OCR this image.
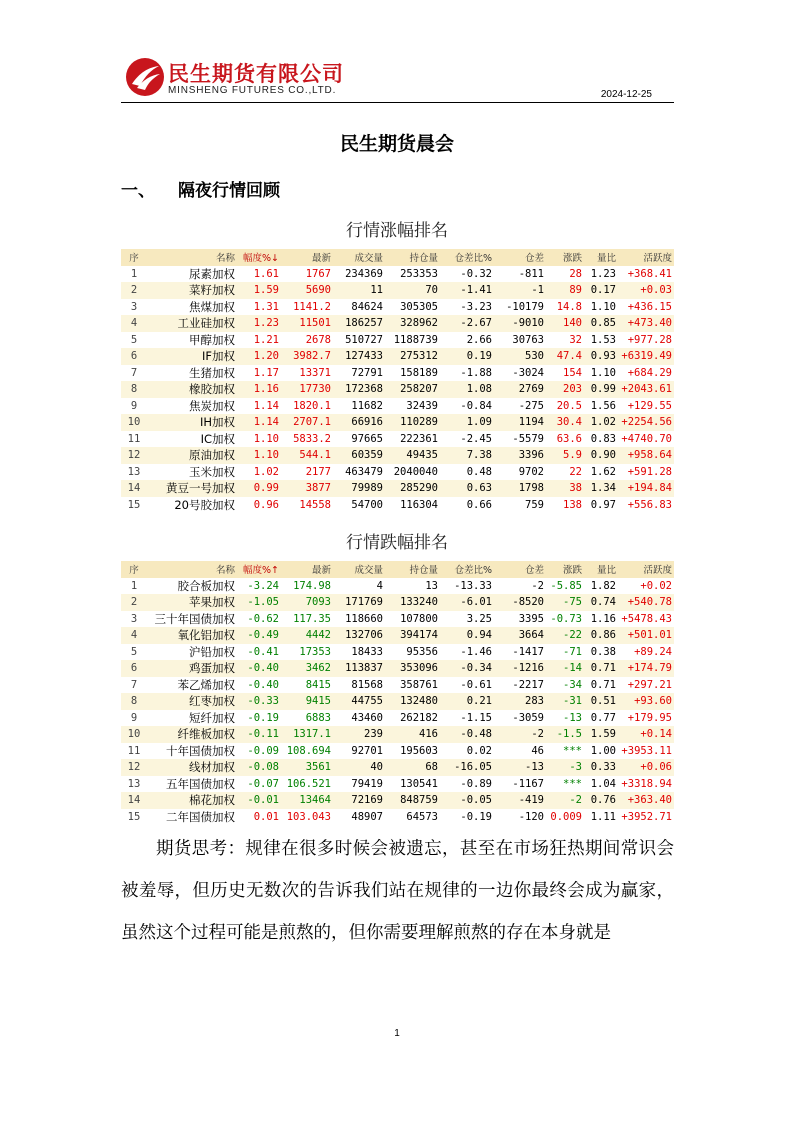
民生期货有限公司
MINSHENG FUTURES CO.,LTD.	2024-12-25
民生期货晨会
一、 隔夜行情回顾
行情涨幅排名
序	名称	幅度%↓	最新	成交量	持仓量	仓差比%	仓差	涨跌	量比	活跃度
1	尿素加权	1.61	1767	234369	253353	-0.32	-811	28	1.23	+368.41
2	菜籽加权	1.59	5690	11	70	-1.41	-1	89	0.17	+0.03
3	焦煤加权	1.31	1141.2	84624	305305	-3.23	-10179	14.8	1.10	+436.15
4	工业硅加权	1.23	11501	186257	328962	-2.67	-9010	140	0.85	+473.40
5	甲醇加权	1.21	2678	510727	1188739	2.66	30763	32	1.53	+977.28
6	IF加权	1.20	3982.7	127433	275312	0.19	530	47.4	0.93	+6319.49
7	生猪加权	1.17	13371	72791	158189	-1.88	-3024	154	1.10	+684.29
8	橡胶加权	1.16	17730	172368	258207	1.08	2769	203	0.99	+2043.61
9	焦炭加权	1.14	1820.1	11682	32439	-0.84	-275	20.5	1.56	+129.55
10	IH加权	1.14	2707.1	66916	110289	1.09	1194	30.4	1.02	+2254.56
11	IC加权	1.10	5833.2	97665	222361	-2.45	-5579	63.6	0.83	+4740.70
12	原油加权	1.10	544.1	60359	49435	7.38	3396	5.9	0.90	+958.64
13	玉米加权	1.02	2177	463479	2040040	0.48	9702	22	1.62	+591.28
14	黄豆一号加权	0.99	3877	79989	285290	0.63	1798	38	1.34	+194.84
15	20号胶加权	0.96	14558	54700	116304	0.66	759	138	0.97	+556.83
行情跌幅排名
序	名称	幅度%↑	最新	成交量	持仓量	仓差比%	仓差	涨跌	量比	活跃度
1	胶合板加权	-3.24	174.98	4	13	-13.33	-2	-5.85	1.82	+0.02
2	苹果加权	-1.05	7093	171769	133240	-6.01	-8520	-75	0.74	+540.78
3	三十年国债加权	-0.62	117.35	118660	107800	3.25	3395	-0.73	1.16	+5478.43
4	氧化铝加权	-0.49	4442	132706	394174	0.94	3664	-22	0.86	+501.01
5	沪铅加权	-0.41	17353	18433	95356	-1.46	-1417	-71	0.38	+89.24
6	鸡蛋加权	-0.40	3462	113837	353096	-0.34	-1216	-14	0.71	+174.79
7	苯乙烯加权	-0.40	8415	81568	358761	-0.61	-2217	-34	0.71	+297.21
8	红枣加权	-0.33	9415	44755	132480	0.21	283	-31	0.51	+93.60
9	短纤加权	-0.19	6883	43460	262182	-1.15	-3059	-13	0.77	+179.95
10	纤维板加权	-0.11	1317.1	239	416	-0.48	-2	-1.5	1.59	+0.14
11	十年国债加权	-0.09	108.694	92701	195603	0.02	46	***	1.00	+3953.11
12	线材加权	-0.08	3561	40	68	-16.05	-13	-3	0.33	+0.06
13	五年国债加权	-0.07	106.521	79419	130541	-0.89	-1167	***	1.04	+3318.94
14	棉花加权	-0.01	13464	72169	848759	-0.05	-419	-2	0.76	+363.40
15	二年国债加权	0.01	103.043	48907	64573	-0.19	-120	0.009	1.11	+3952.71

期货思考：规律在很多时候会被遗忘，甚至在市场狂热期间常识会被羞辱，但历史无数次的告诉我们站在规律的一边你最终会成为赢家，虽然这个过程可能是煎熬的，但你需要理解煎熬的存在本身就是

1
